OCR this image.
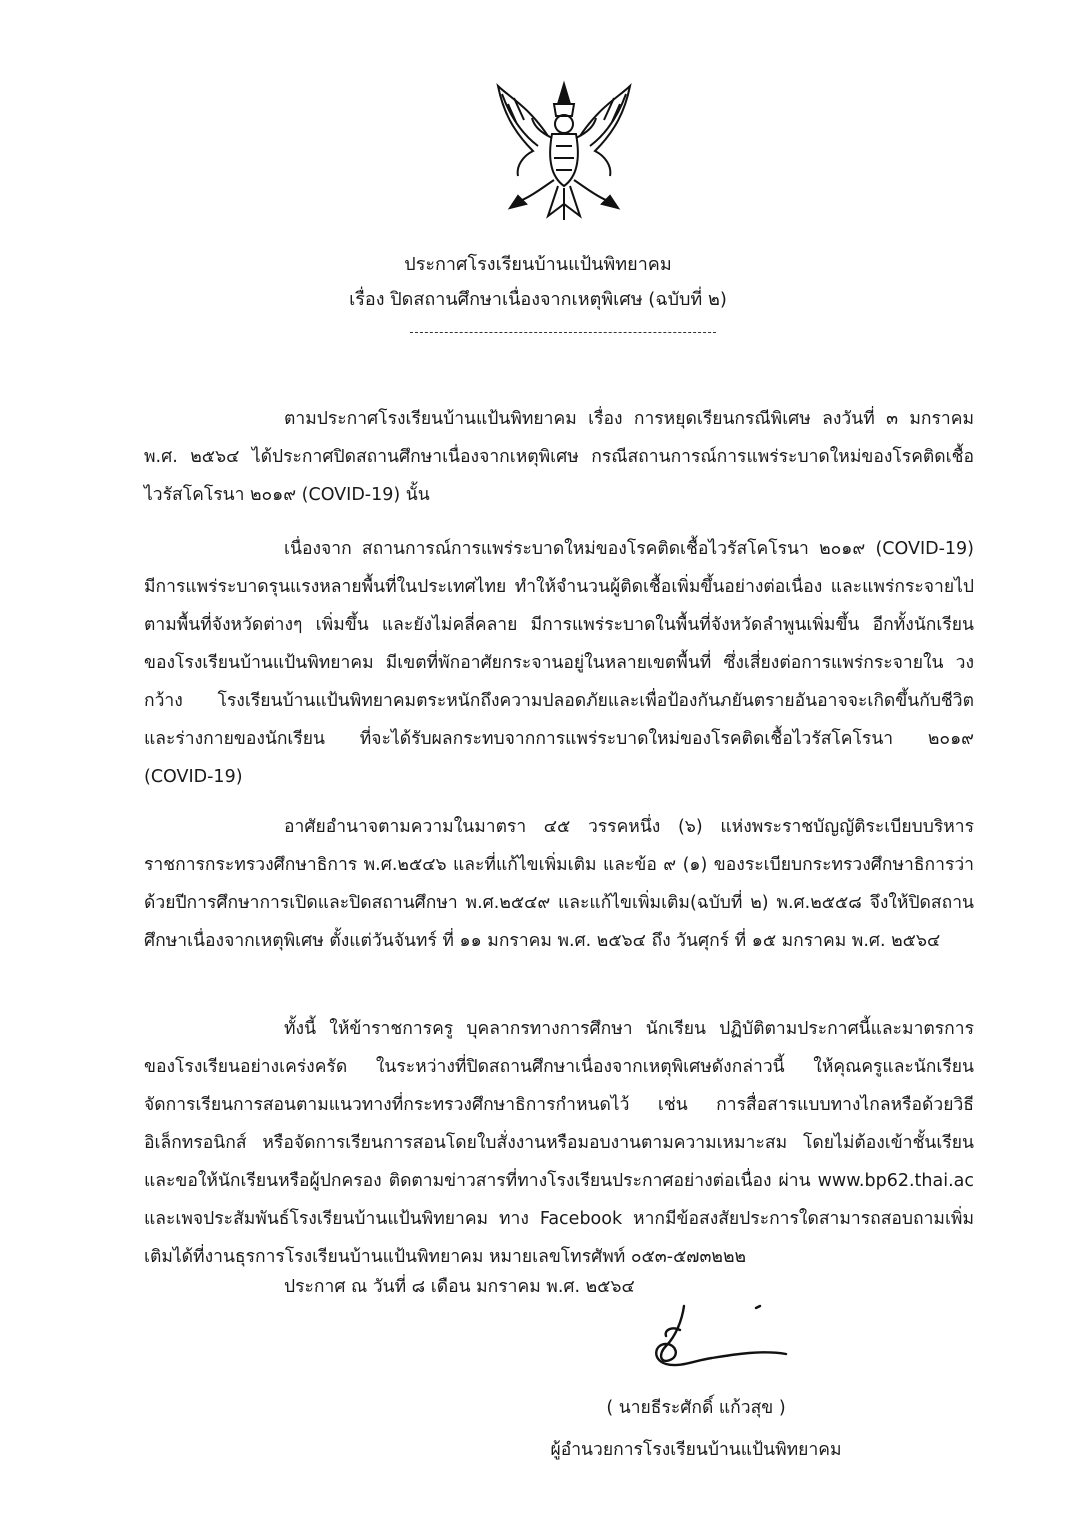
ประกาศโรงเรียนบ้านแป้นพิทยาคม
เรื่อง ปิดสถานศึกษาเนื่องจากเหตุพิเศษ (ฉบับที่ ๒)

ตามประกาศโรงเรียนบ้านแป้นพิทยาคม เรื่อง การหยุดเรียนกรณีพิเศษ ลงวันที่ ๓ มกราคม พ.ศ. ๒๕๖๔ ได้ประกาศปิดสถานศึกษาเนื่องจากเหตุพิเศษ กรณีสถานการณ์การแพร่ระบาดใหม่ของโรคติดเชื้อไวรัสโคโรนา ๒๐๑๙ (COVID-19) นั้น

เนื่องจาก สถานการณ์การแพร่ระบาดใหม่ของโรคติดเชื้อไวรัสโคโรนา ๒๐๑๙ (COVID-19) มีการแพร่ระบาดรุนแรงหลายพื้นที่ในประเทศไทย ทำให้จำนวนผู้ติดเชื้อเพิ่มขึ้นอย่างต่อเนื่อง และแพร่กระจายไปตามพื้นที่จังหวัดต่างๆ เพิ่มขึ้น และยังไม่คลี่คลาย มีการแพร่ระบาดในพื้นที่จังหวัดลำพูนเพิ่มขึ้น อีกทั้งนักเรียนของโรงเรียนบ้านแป้นพิทยาคม มีเขตที่พักอาศัยกระจานอยู่ในหลายเขตพื้นที่ ซึ่งเสี่ยงต่อการแพร่กระจายใน วงกว้าง โรงเรียนบ้านแป้นพิทยาคมตระหนักถึงความปลอดภัยและเพื่อป้องกันภยันตรายอันอาจจะเกิดขึ้นกับชีวิตและร่างกายของนักเรียน ที่จะได้รับผลกระทบจากการแพร่ระบาดใหม่ของโรคติดเชื้อไวรัสโคโรนา ๒๐๑๙ (COVID-19)

อาศัยอำนาจตามความในมาตรา ๔๕ วรรคหนึ่ง (๖) แห่งพระราชบัญญัติระเบียบบริหารราชการกระทรวงศึกษาธิการ พ.ศ.๒๕๔๖ และที่แก้ไขเพิ่มเติม และข้อ ๙ (๑) ของระเบียบกระทรวงศึกษาธิการว่าด้วยปีการศึกษาการเปิดและปิดสถานศึกษา พ.ศ.๒๕๔๙ และแก้ไขเพิ่มเติม(ฉบับที่ ๒) พ.ศ.๒๕๕๘ จึงให้ปิดสถานศึกษาเนื่องจากเหตุพิเศษ ตั้งแต่วันจันทร์ ที่ ๑๑ มกราคม พ.ศ. ๒๕๖๔ ถึง วันศุกร์ ที่ ๑๕ มกราคม พ.ศ. ๒๕๖๔

ทั้งนี้ ให้ข้าราชการครู บุคลากรทางการศึกษา นักเรียน ปฏิบัติตามประกาศนี้และมาตรการของโรงเรียนอย่างเคร่งครัด ในระหว่างที่ปิดสถานศึกษาเนื่องจากเหตุพิเศษดังกล่าวนี้ ให้คุณครูและนักเรียนจัดการเรียนการสอนตามแนวทางที่กระทรวงศึกษาธิการกำหนดไว้ เช่น การสื่อสารแบบทางไกลหรือด้วยวิธีอิเล็กทรอนิกส์ หรือจัดการเรียนการสอนโดยใบสั่งงานหรือมอบงานตามความเหมาะสม โดยไม่ต้องเข้าชั้นเรียน และขอให้นักเรียนหรือผู้ปกครอง ติดตามข่าวสารที่ทางโรงเรียนประกาศอย่างต่อเนื่อง ผ่าน www.bp62.thai.ac และเพจประสัมพันธ์โรงเรียนบ้านแป้นพิทยาคม ทาง Facebook หากมีข้อสงสัยประการใดสามารถสอบถามเพิ่มเติมได้ที่งานธุรการโรงเรียนบ้านแป้นพิทยาคม หมายเลขโทรศัพท์ ๐๕๓-๕๗๓๒๒๒

ประกาศ ณ วันที่ ๘ เดือน มกราคม พ.ศ. ๒๕๖๔
( นายธีระศักดิ์ แก้วสุข )
ผู้อำนวยการโรงเรียนบ้านแป้นพิทยาคม
